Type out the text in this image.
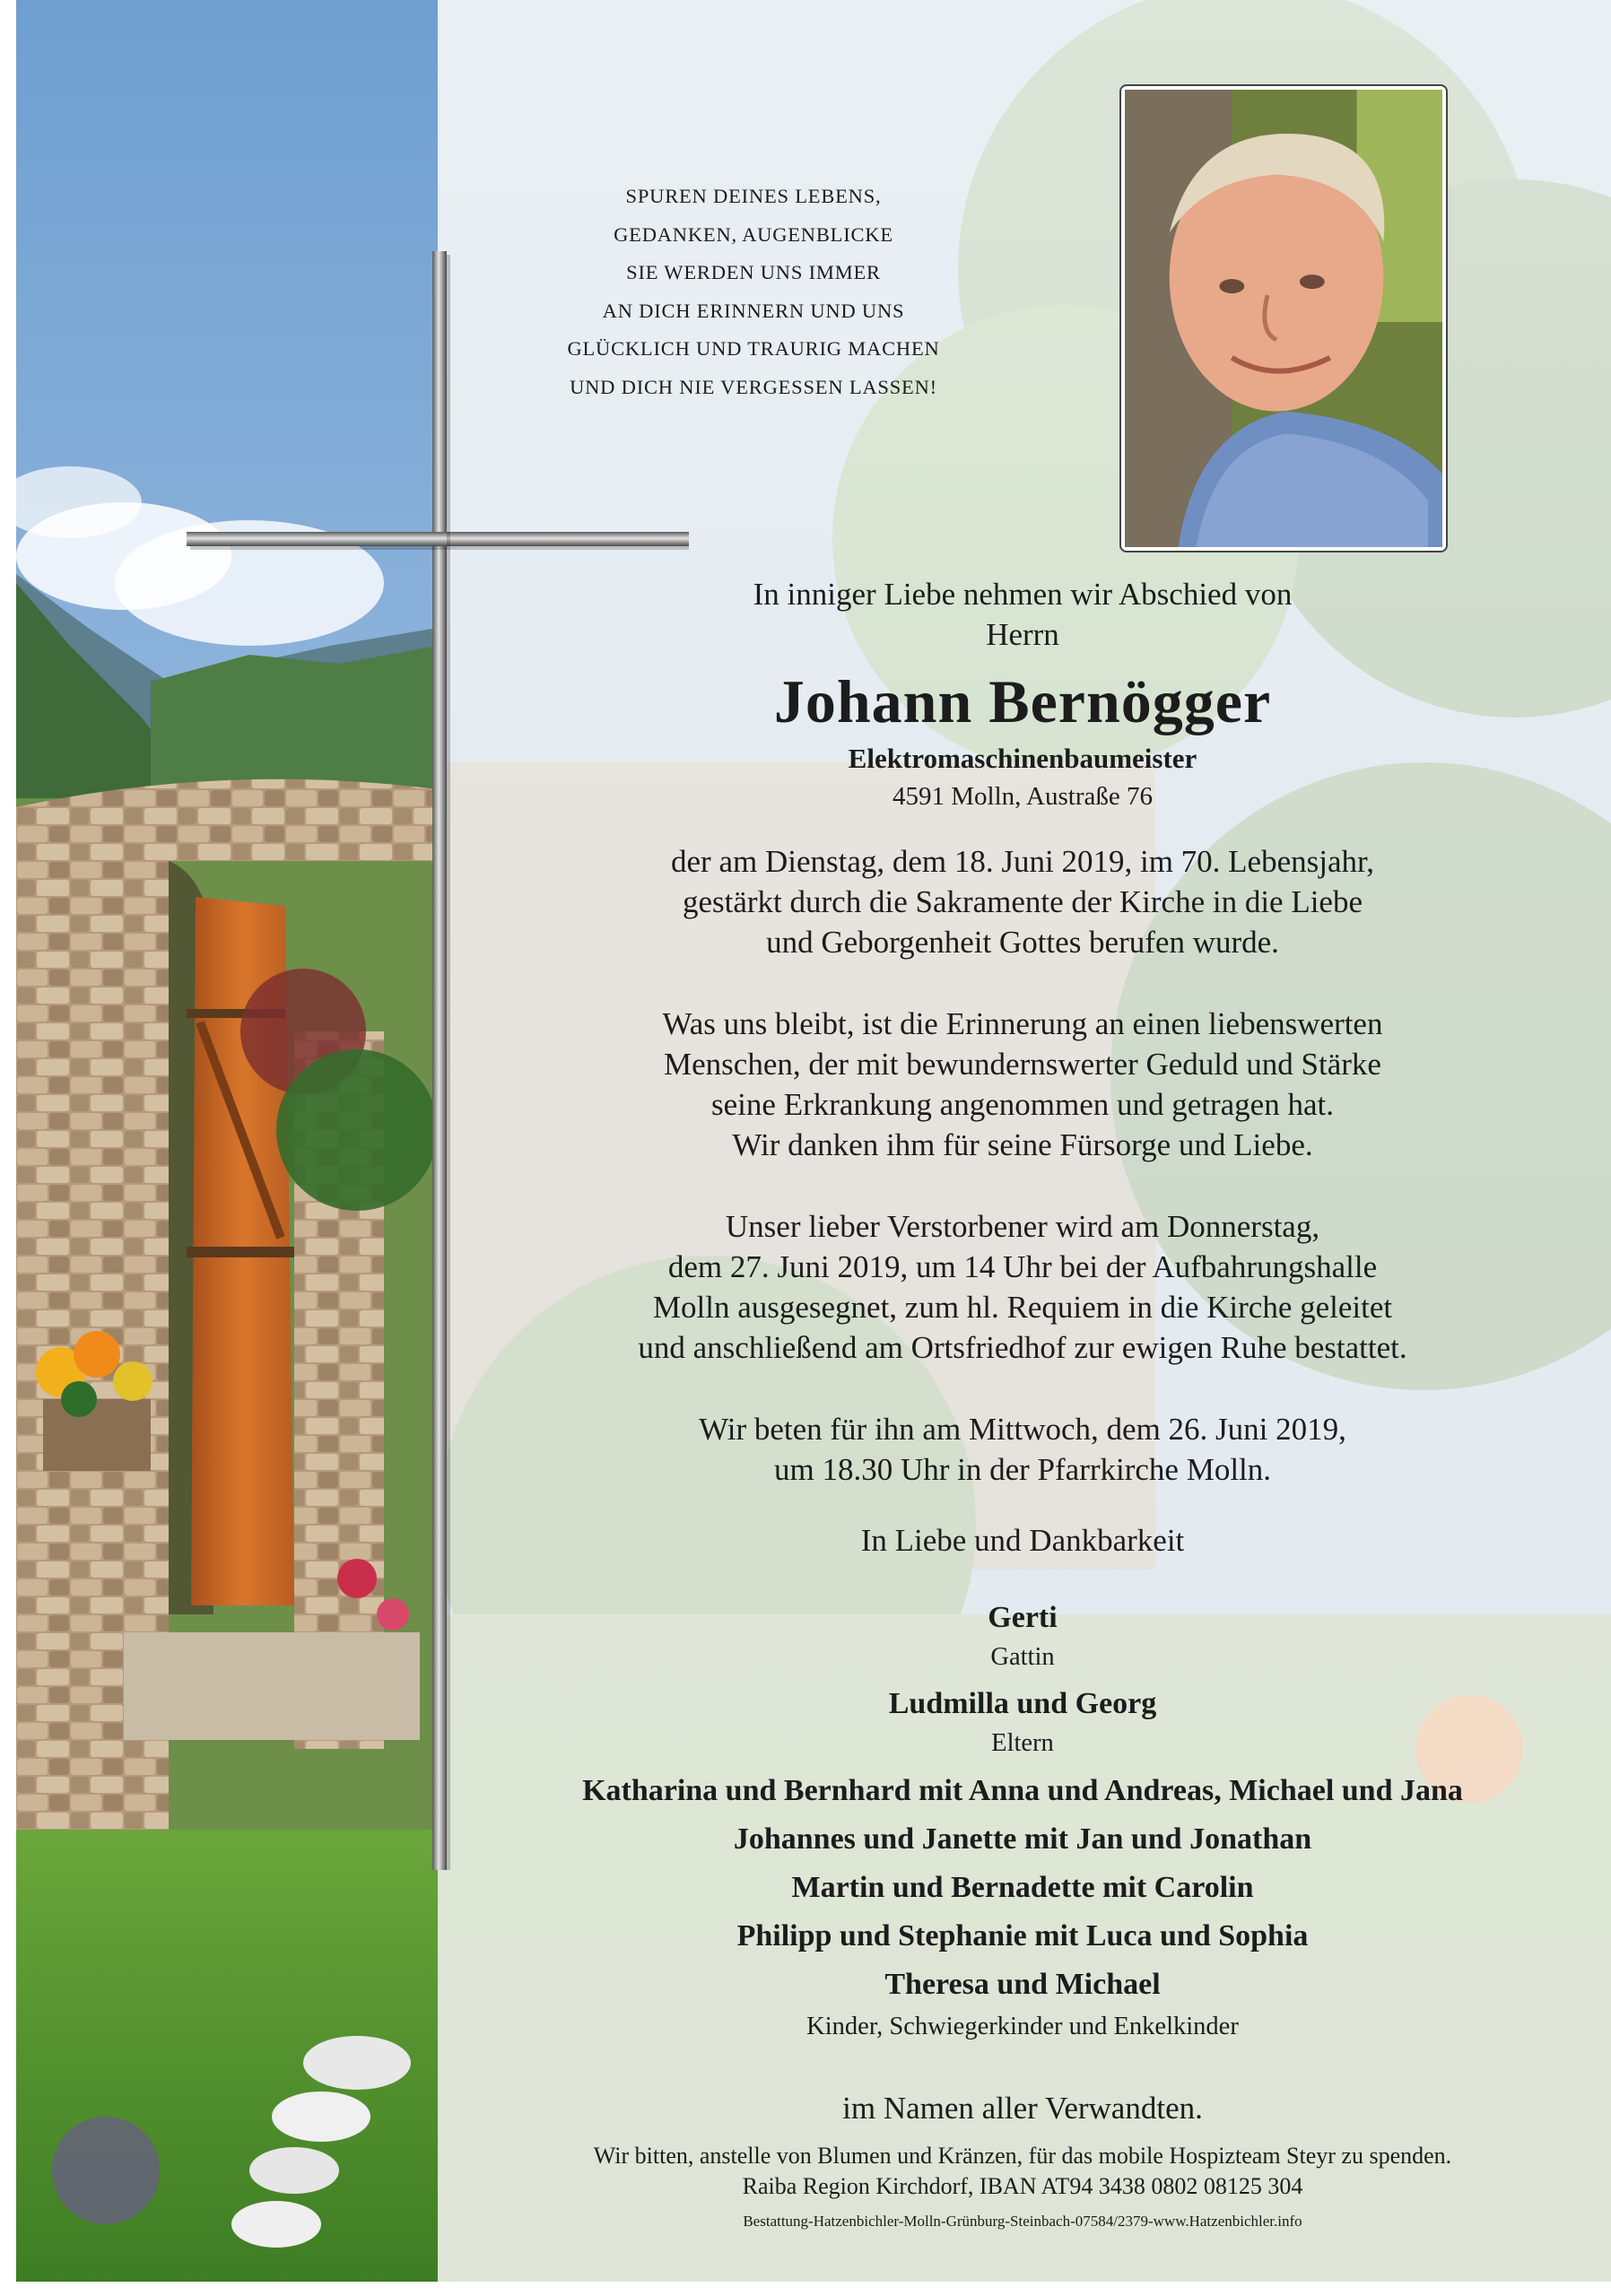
SPUREN DEINES LEBENS,
GEDANKEN, AUGENBLICKE
SIE WERDEN UNS IMMER
AN DICH ERINNERN UND UNS
GLÜCKLICH UND TRAURIG MACHEN
UND DICH NIE VERGESSEN LASSEN!
In inniger Liebe nehmen wir Abschied von
Herrn
Johann Bernögger
Elektromaschinenbaumeister
4591 Molln, Austraße 76
der am Dienstag, dem 18. Juni 2019, im 70. Lebensjahr,
gestärkt durch die Sakramente der Kirche in die Liebe
und Geborgenheit Gottes berufen wurde.
Was uns bleibt, ist die Erinnerung an einen liebenswerten
Menschen, der mit bewundernswerter Geduld und Stärke
seine Erkrankung angenommen und getragen hat.
Wir danken ihm für seine Fürsorge und Liebe.
Unser lieber Verstorbener wird am Donnerstag,
dem 27. Juni 2019, um 14 Uhr bei der Aufbahrungshalle
Molln ausgesegnet, zum hl. Requiem in die Kirche geleitet
und anschließend am Ortsfriedhof zur ewigen Ruhe bestattet.
Wir beten für ihn am Mittwoch, dem 26. Juni 2019,
um 18.30 Uhr in der Pfarrkirche Molln.
In Liebe und Dankbarkeit
Gerti
Gattin
Ludmilla und Georg
Eltern
Katharina und Bernhard mit Anna und Andreas, Michael und Jana
Johannes und Janette mit Jan und Jonathan
Martin und Bernadette mit Carolin
Philipp und Stephanie mit Luca und Sophia
Theresa und Michael
Kinder, Schwiegerkinder und Enkelkinder
im Namen aller Verwandten.
Wir bitten, anstelle von Blumen und Kränzen, für das mobile Hospizteam Steyr zu spenden.
Raiba Region Kirchdorf, IBAN AT94 3438 0802 08125 304
Bestattung-Hatzenbichler-Molln-Grünburg-Steinbach-07584/2379-www.Hatzenbichler.info
